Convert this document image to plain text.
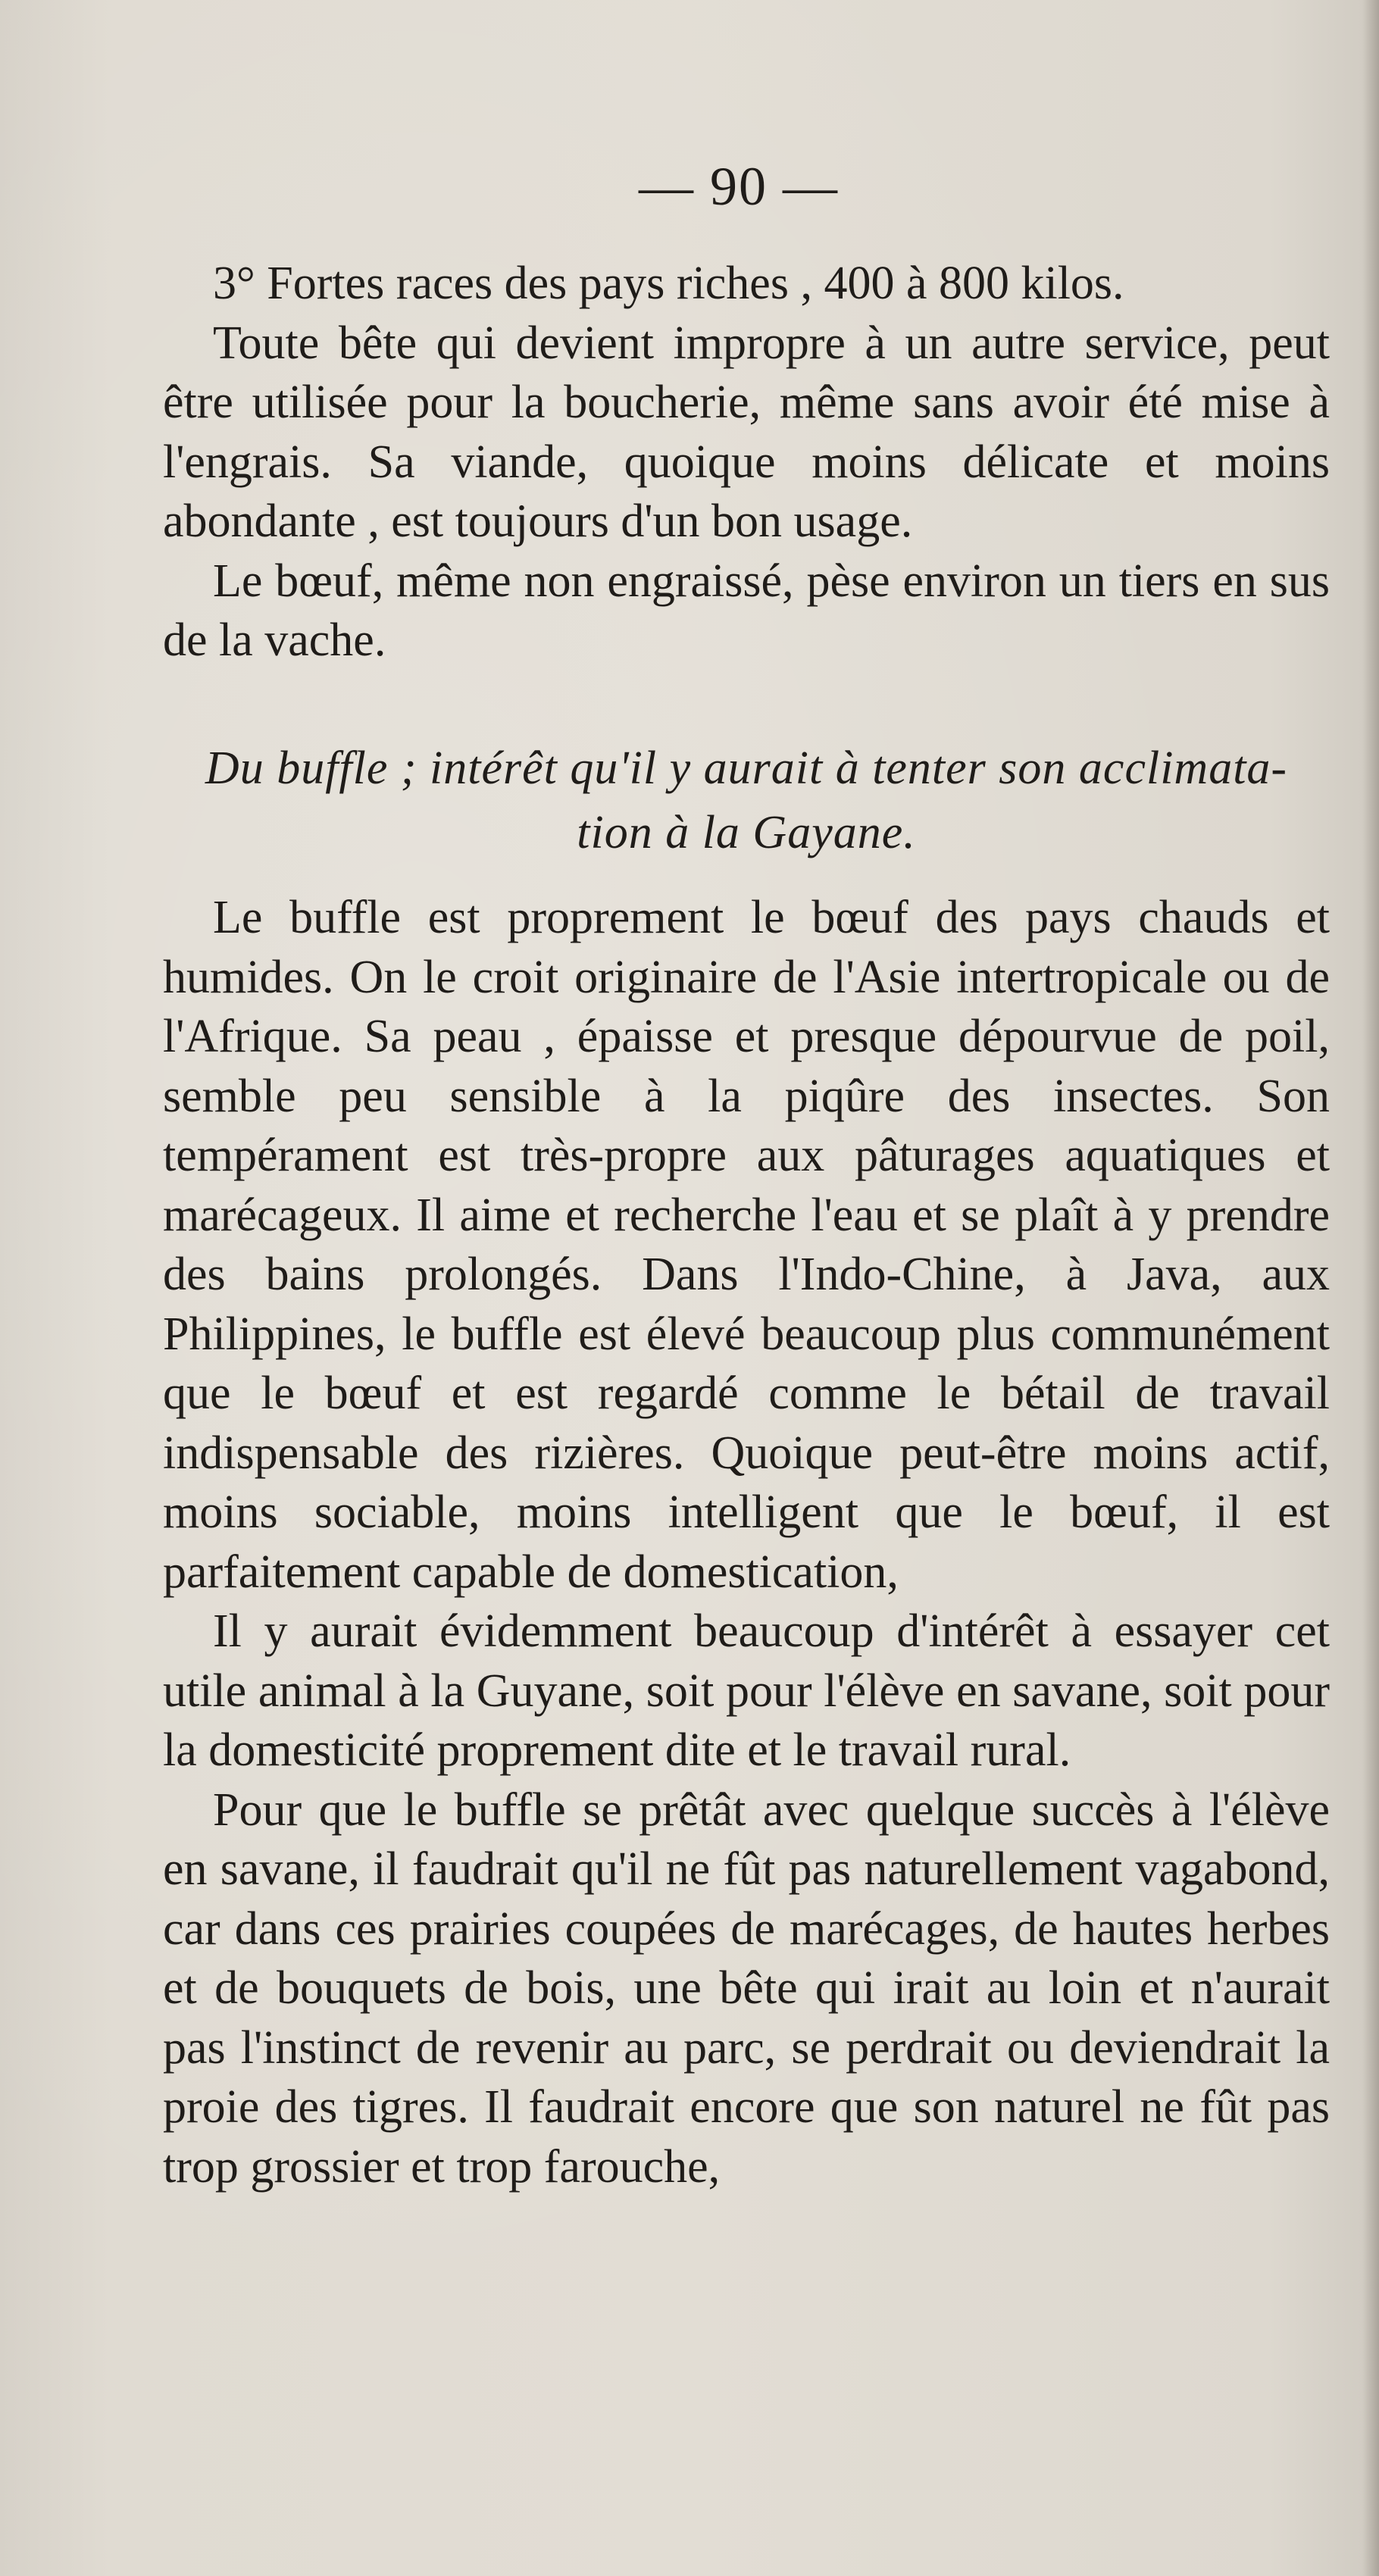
— 90 —

3° Fortes races des pays riches , 400 à 800 kilos.

Toute bête qui devient impropre à un autre service, peut être utilisée pour la boucherie, même sans avoir été mise à l'engrais. Sa viande, quoique moins délicate et moins abondante , est toujours d'un bon usage.

Le bœuf, même non engraissé, pèse environ un tiers en sus de la vache.

Du buffle ; intérêt qu'il y aurait à tenter son acclimata-
tion à la Gayane.

Le buffle est proprement le bœuf des pays chauds et humides. On le croit originaire de l'Asie intertropicale ou de l'Afrique. Sa peau , épaisse et presque dépourvue de poil, semble peu sensible à la piqûre des insectes. Son tempérament est très-propre aux pâturages aquatiques et marécageux. Il aime et recherche l'eau et se plaît à y prendre des bains prolongés. Dans l'Indo-Chine, à Java, aux Philippines, le buffle est élevé beaucoup plus communément que le bœuf et est regardé comme le bétail de travail indispensable des rizières. Quoique peut-être moins actif, moins sociable, moins intelligent que le bœuf, il est parfaitement capable de domestication,

Il y aurait évidemment beaucoup d'intérêt à essayer cet utile animal à la Guyane, soit pour l'élève en savane, soit pour la domesticité proprement dite et le travail rural.

Pour que le buffle se prêtât avec quelque succès à l'élève en savane, il faudrait qu'il ne fût pas naturellement vagabond, car dans ces prairies coupées de marécages, de hautes herbes et de bouquets de bois, une bête qui irait au loin et n'aurait pas l'instinct de revenir au parc, se perdrait ou deviendrait la proie des tigres. Il faudrait encore que son naturel ne fût pas trop grossier et trop farouche,
